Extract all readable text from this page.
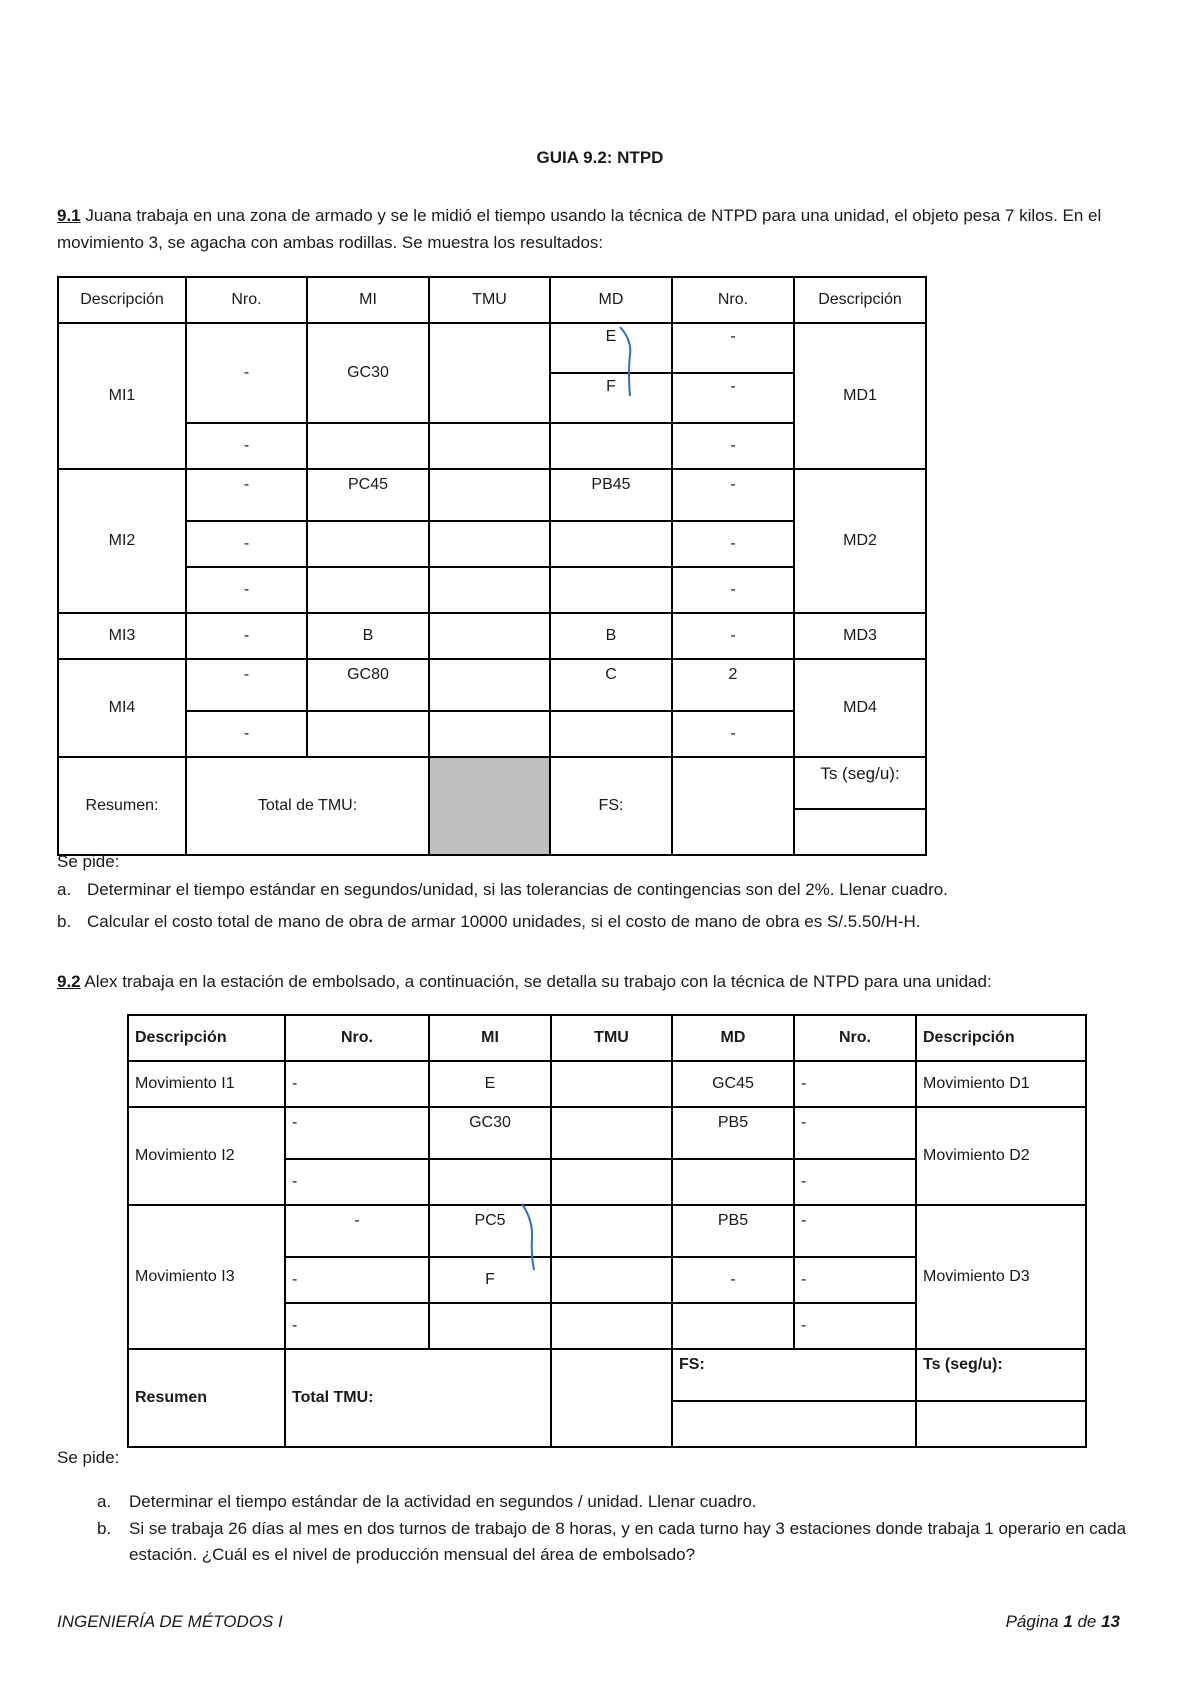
GUIA 9.2: NTPD
9.1 Juana trabaja en una zona de armado y se le midió el tiempo usando la técnica de NTPD para una unidad, el objeto pesa 7 kilos. En el movimiento 3, se agacha con ambas rodillas. Se muestra los resultados:
Descripción	Nro.	MI	TMU	MD	Nro.	Descripción
MI1	-	GC30		E	-	MD1
				F	-	
	-				-	
MI2	-	PC45		PB45	-	MD2
	-				-	
	-				-	
MI3	-	B		B	-	MD3
MI4	-	GC80		C	2	MD4
	-				-	
Resumen:	Total de TMU:			FS:		Ts (seg/u):

Se pide:
a. Determinar el tiempo estándar en segundos/unidad, si las tolerancias de contingencias son del 2%. Llenar cuadro.
b. Calcular el costo total de mano de obra de armar 10000 unidades, si el costo de mano de obra es S/.5.50/H-H.
9.2 Alex trabaja en la estación de embolsado, a continuación, se detalla su trabajo con la técnica de NTPD para una unidad:
Descripción	Nro.	MI	TMU	MD	Nro.	Descripción
Movimiento I1	-	E		GC45	-	Movimiento D1
Movimiento I2	-	GC30		PB5	-	Movimiento D2
	-				-	
Movimiento I3	-	PC5		PB5	-	Movimiento D3
	-	F		-	-	
	-				-	
Resumen	Total TMU:			FS:		Ts (seg/u):

Se pide:
a. Determinar el tiempo estándar de la actividad en segundos / unidad. Llenar cuadro.
b.	Si se trabaja 26 días al mes en dos turnos de trabajo de 8 horas, y en cada turno hay 3 estaciones donde trabaja 1 operario en cada estación. ¿Cuál es el nivel de producción mensual del área de embolsado?
INGENIERÍA DE MÉTODOS I	Página 1 de 13
